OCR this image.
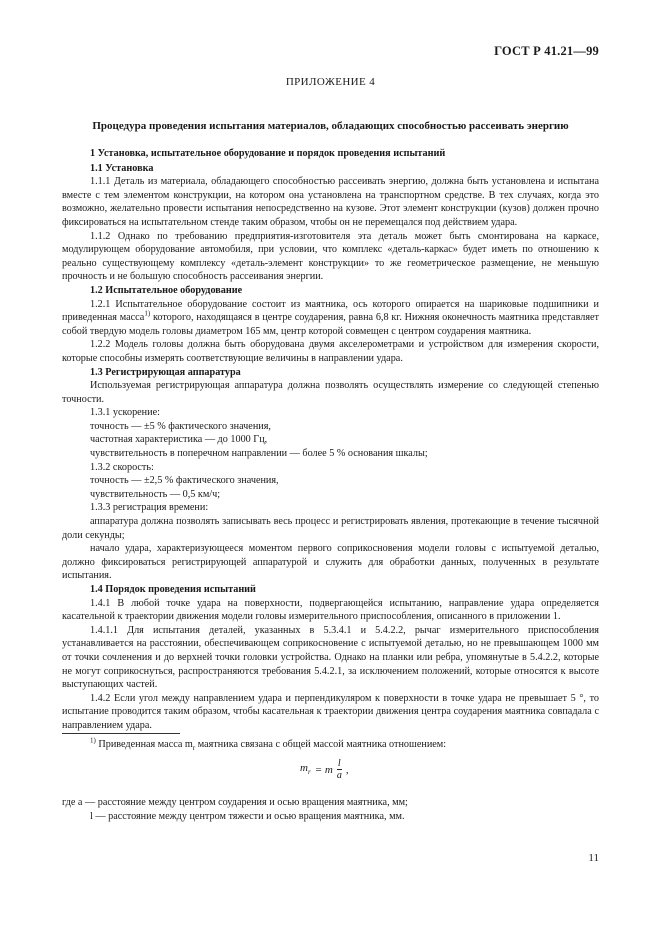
ГОСТ Р 41.21—99
ПРИЛОЖЕНИЕ 4
Процедура проведения испытания материалов, обладающих способностью рассеивать энергию

1 Установка, испытательное оборудование и порядок проведения испытаний

1.1 Установка

1.1.1 Деталь из материала, обладающего способностью рассеивать энергию, должна быть установлена и испытана вместе с тем элементом конструкции, на котором она установлена на транспортном средстве. В тех случаях, когда это возможно, желательно провести испытания непосредственно на кузове. Этот элемент конструкции (кузов) должен прочно фиксироваться на испытательном стенде таким образом, чтобы он не перемещался под действием удара.

1.1.2 Однако по требованию предприятия-изготовителя эта деталь может быть смонтирована на каркасе, модулирующем оборудование автомобиля, при условии, что комплекс «деталь-каркас» будет иметь по отношению к реально существующему комплексу «деталь-элемент конструкции» то же геометрическое размещение, не меньшую прочность и не большую способность рассеивания энергии.

1.2 Испытательное оборудование

1.2.1 Испытательное оборудование состоит из маятника, ось которого опирается на шариковые подшипники и приведенная масса$^{1)}$ которого, находящаяся в центре соударения, равна 6,8 кг. Нижняя оконечность маятника представляет собой твердую модель головы диаметром 165 мм, центр которой совмещен с центром соударения маятника.

1.2.2 Модель головы должна быть оборудована двумя акселерометрами и устройством для измерения скорости, которые способны измерять соответствующие величины в направлении удара.

1.3 Регистрирующая аппаратура

Используемая регистрирующая аппаратура должна позволять осуществлять измерение со следующей степенью точности.

1.3.1 ускорение:

точность — ±5 % фактического значения,

частотная характеристика — до 1000 Гц,

чувствительность в поперечном направлении — более 5 % основания шкалы;

1.3.2 скорость:

точность — ±2,5 % фактического значения,

чувствительность — 0,5 км/ч;

1.3.3 регистрация времени:

аппаратура должна позволять записывать весь процесс и регистрировать явления, протекающие в течение тысячной доли секунды;

начало удара, характеризующееся моментом первого соприкосновения модели головы с испытуемой деталью, должно фиксироваться регистрирующей аппаратурой и служить для обработки данных, полученных в результате испытания.

1.4 Порядок проведения испытаний

1.4.1 В любой точке удара на поверхности, подвергающейся испытанию, направление удара определяется касательной к траектории движения модели головы измерительного приспособления, описанного в приложении 1.

1.4.1.1 Для испытания деталей, указанных в 5.3.4.1 и 5.4.2.2, рычаг измерительного приспособления устанавливается на расстоянии, обеспечивающем соприкосновение с испытуемой деталью, но не превышающем 1000 мм от точки сочленения и до верхней точки головки устройства. Однако на планки или ребра, упомянутые в 5.4.2.2, которые не могут соприкоснуться, распространяются требования 5.4.2.1, за исключением положений, которые относятся к высоте выступающих частей.

1.4.2 Если угол между направлением удара и перпендикуляром к поверхности в точке удара не превышает 5 °, то испытание проводится таким образом, чтобы касательная к траектории движения центра соударения маятника совпадала с направлением удара.

$^{1)}$ Приведенная масса $m_r$ маятника связана с общей массой маятника отношением:
$m_r = m \frac{l}{a}$ ,
где a — расстояние между центром соударения и осью вращения маятника, мм;
l — расстояние между центром тяжести и осью вращения маятника, мм.
11
